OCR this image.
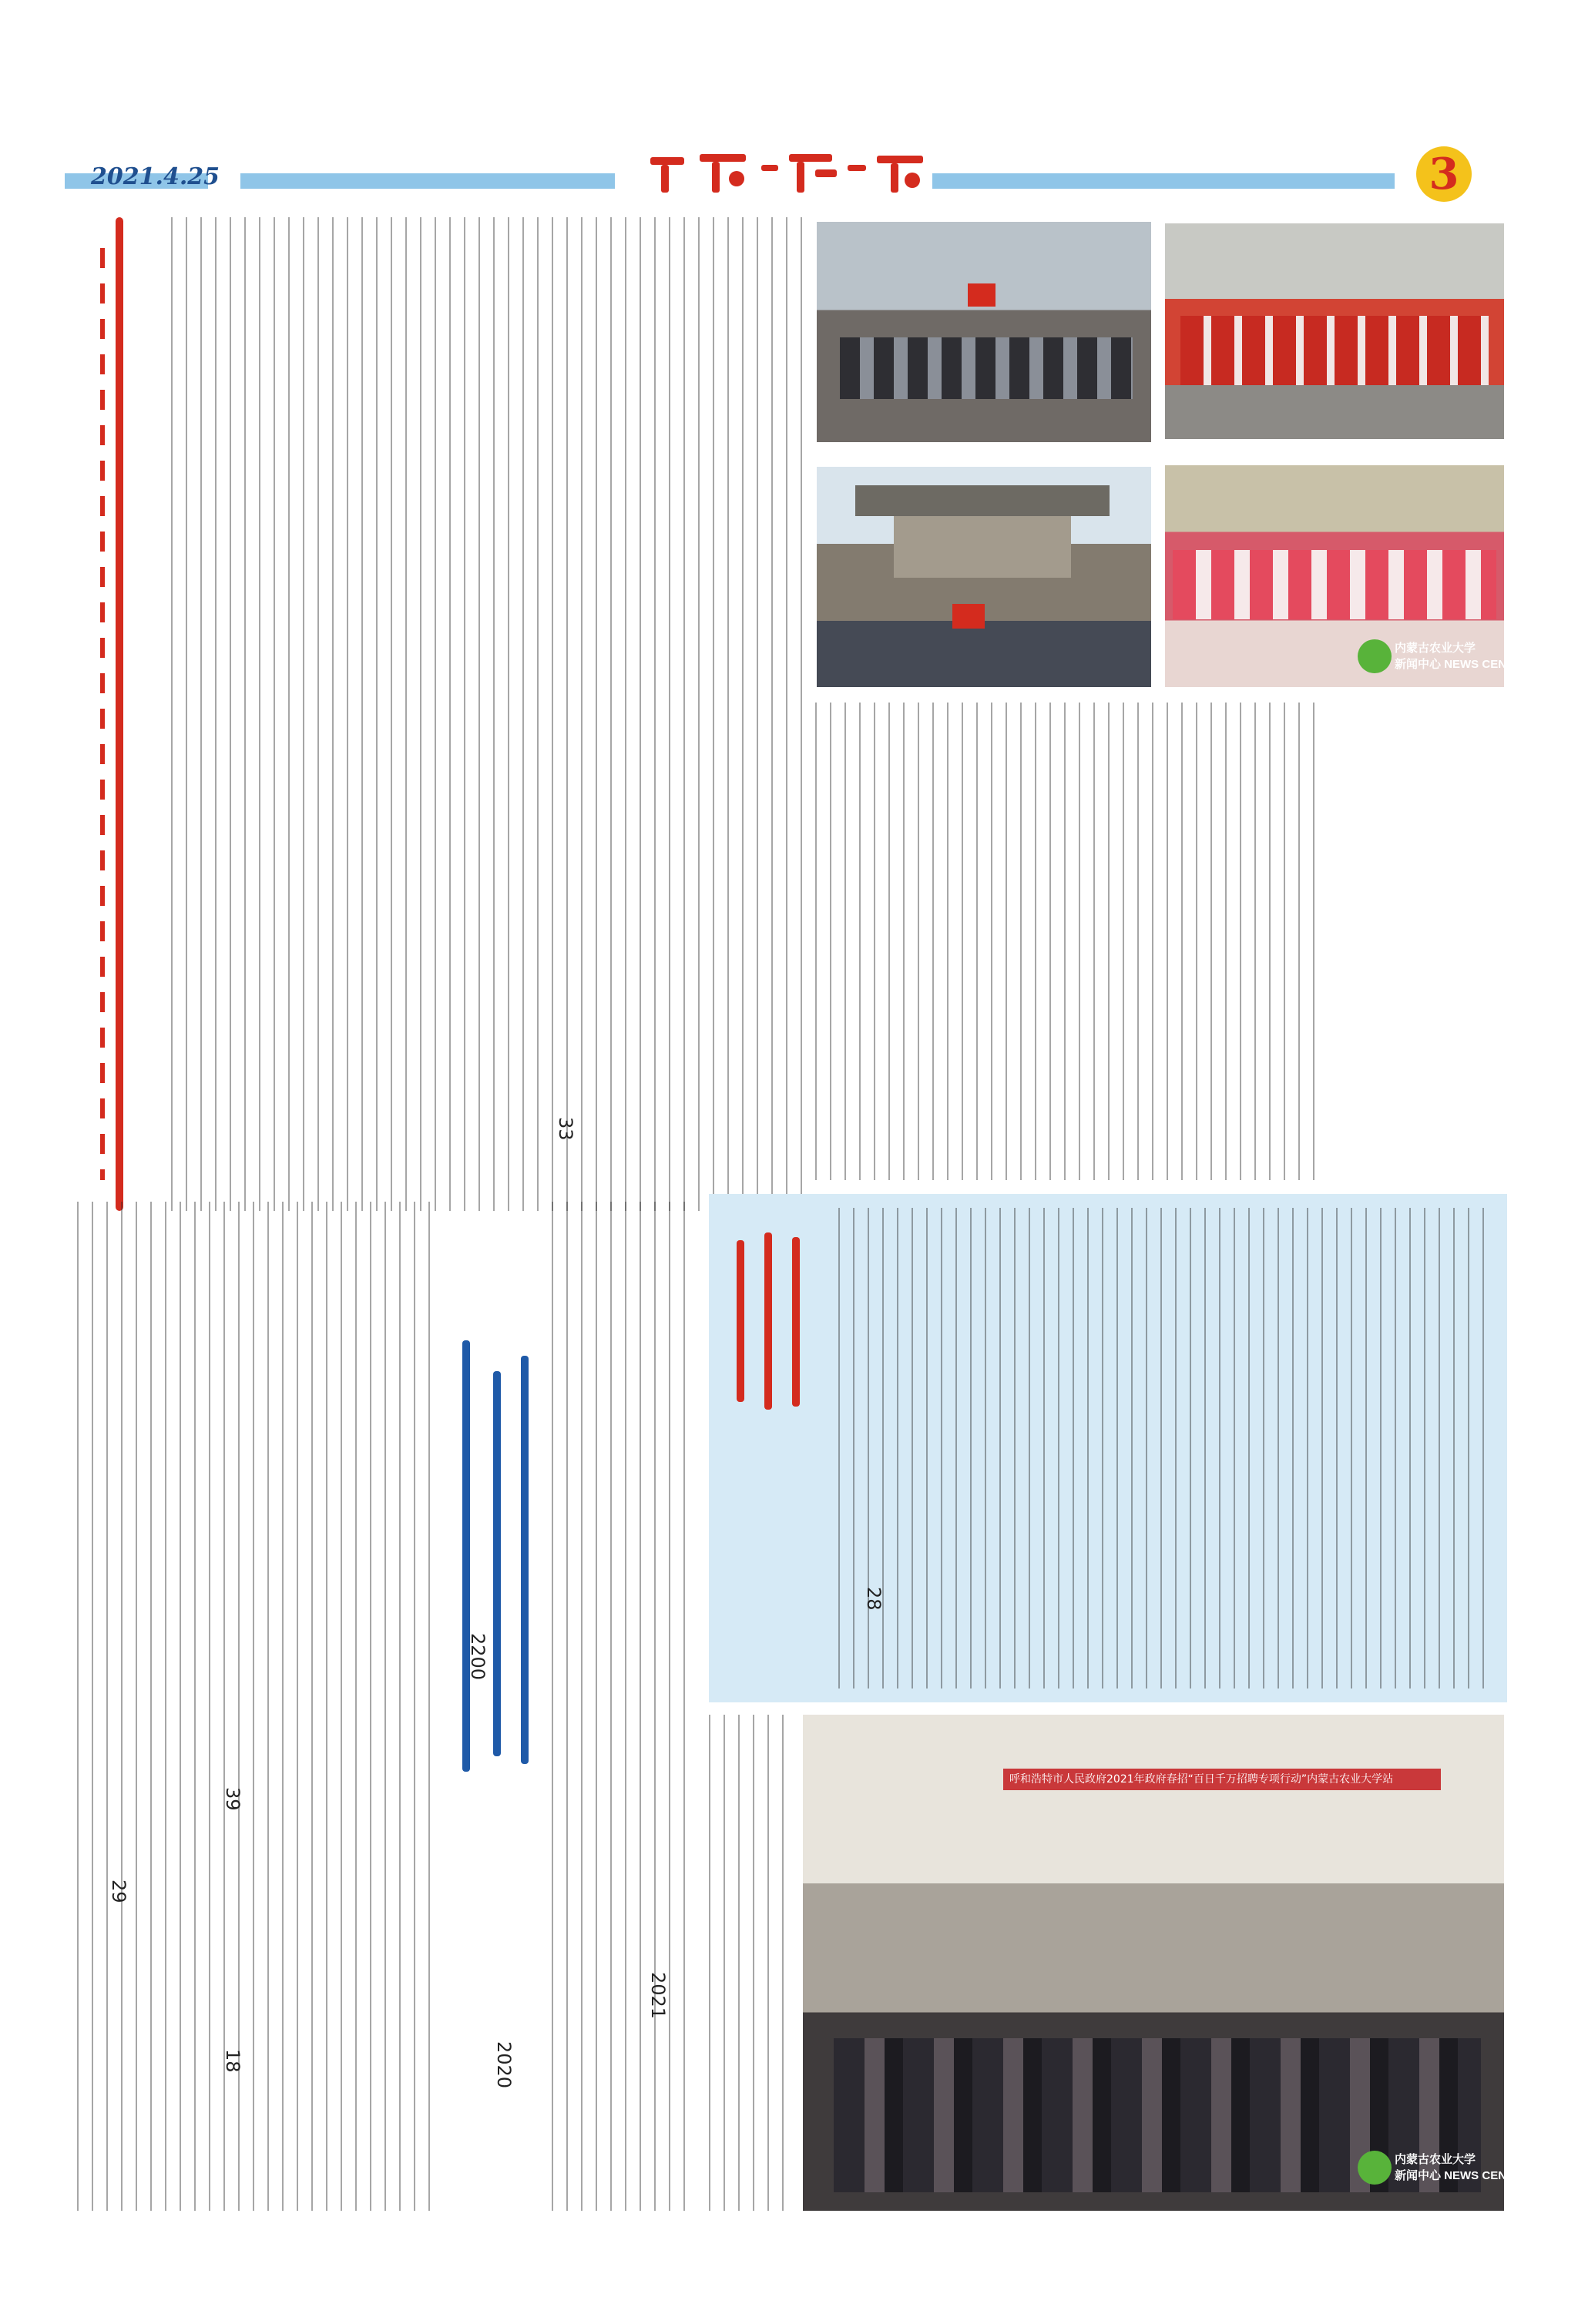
2021.4.25	3
内蒙古农业大学
新闻中心 NEWS CENTER
呼和浩特市人民政府2021年政府春招“百日千万招聘专项行动”内蒙古农业大学站
内蒙古农业大学
新闻中心 NEWS CENTER
2020
28
2021
29
33
39
2200
18
